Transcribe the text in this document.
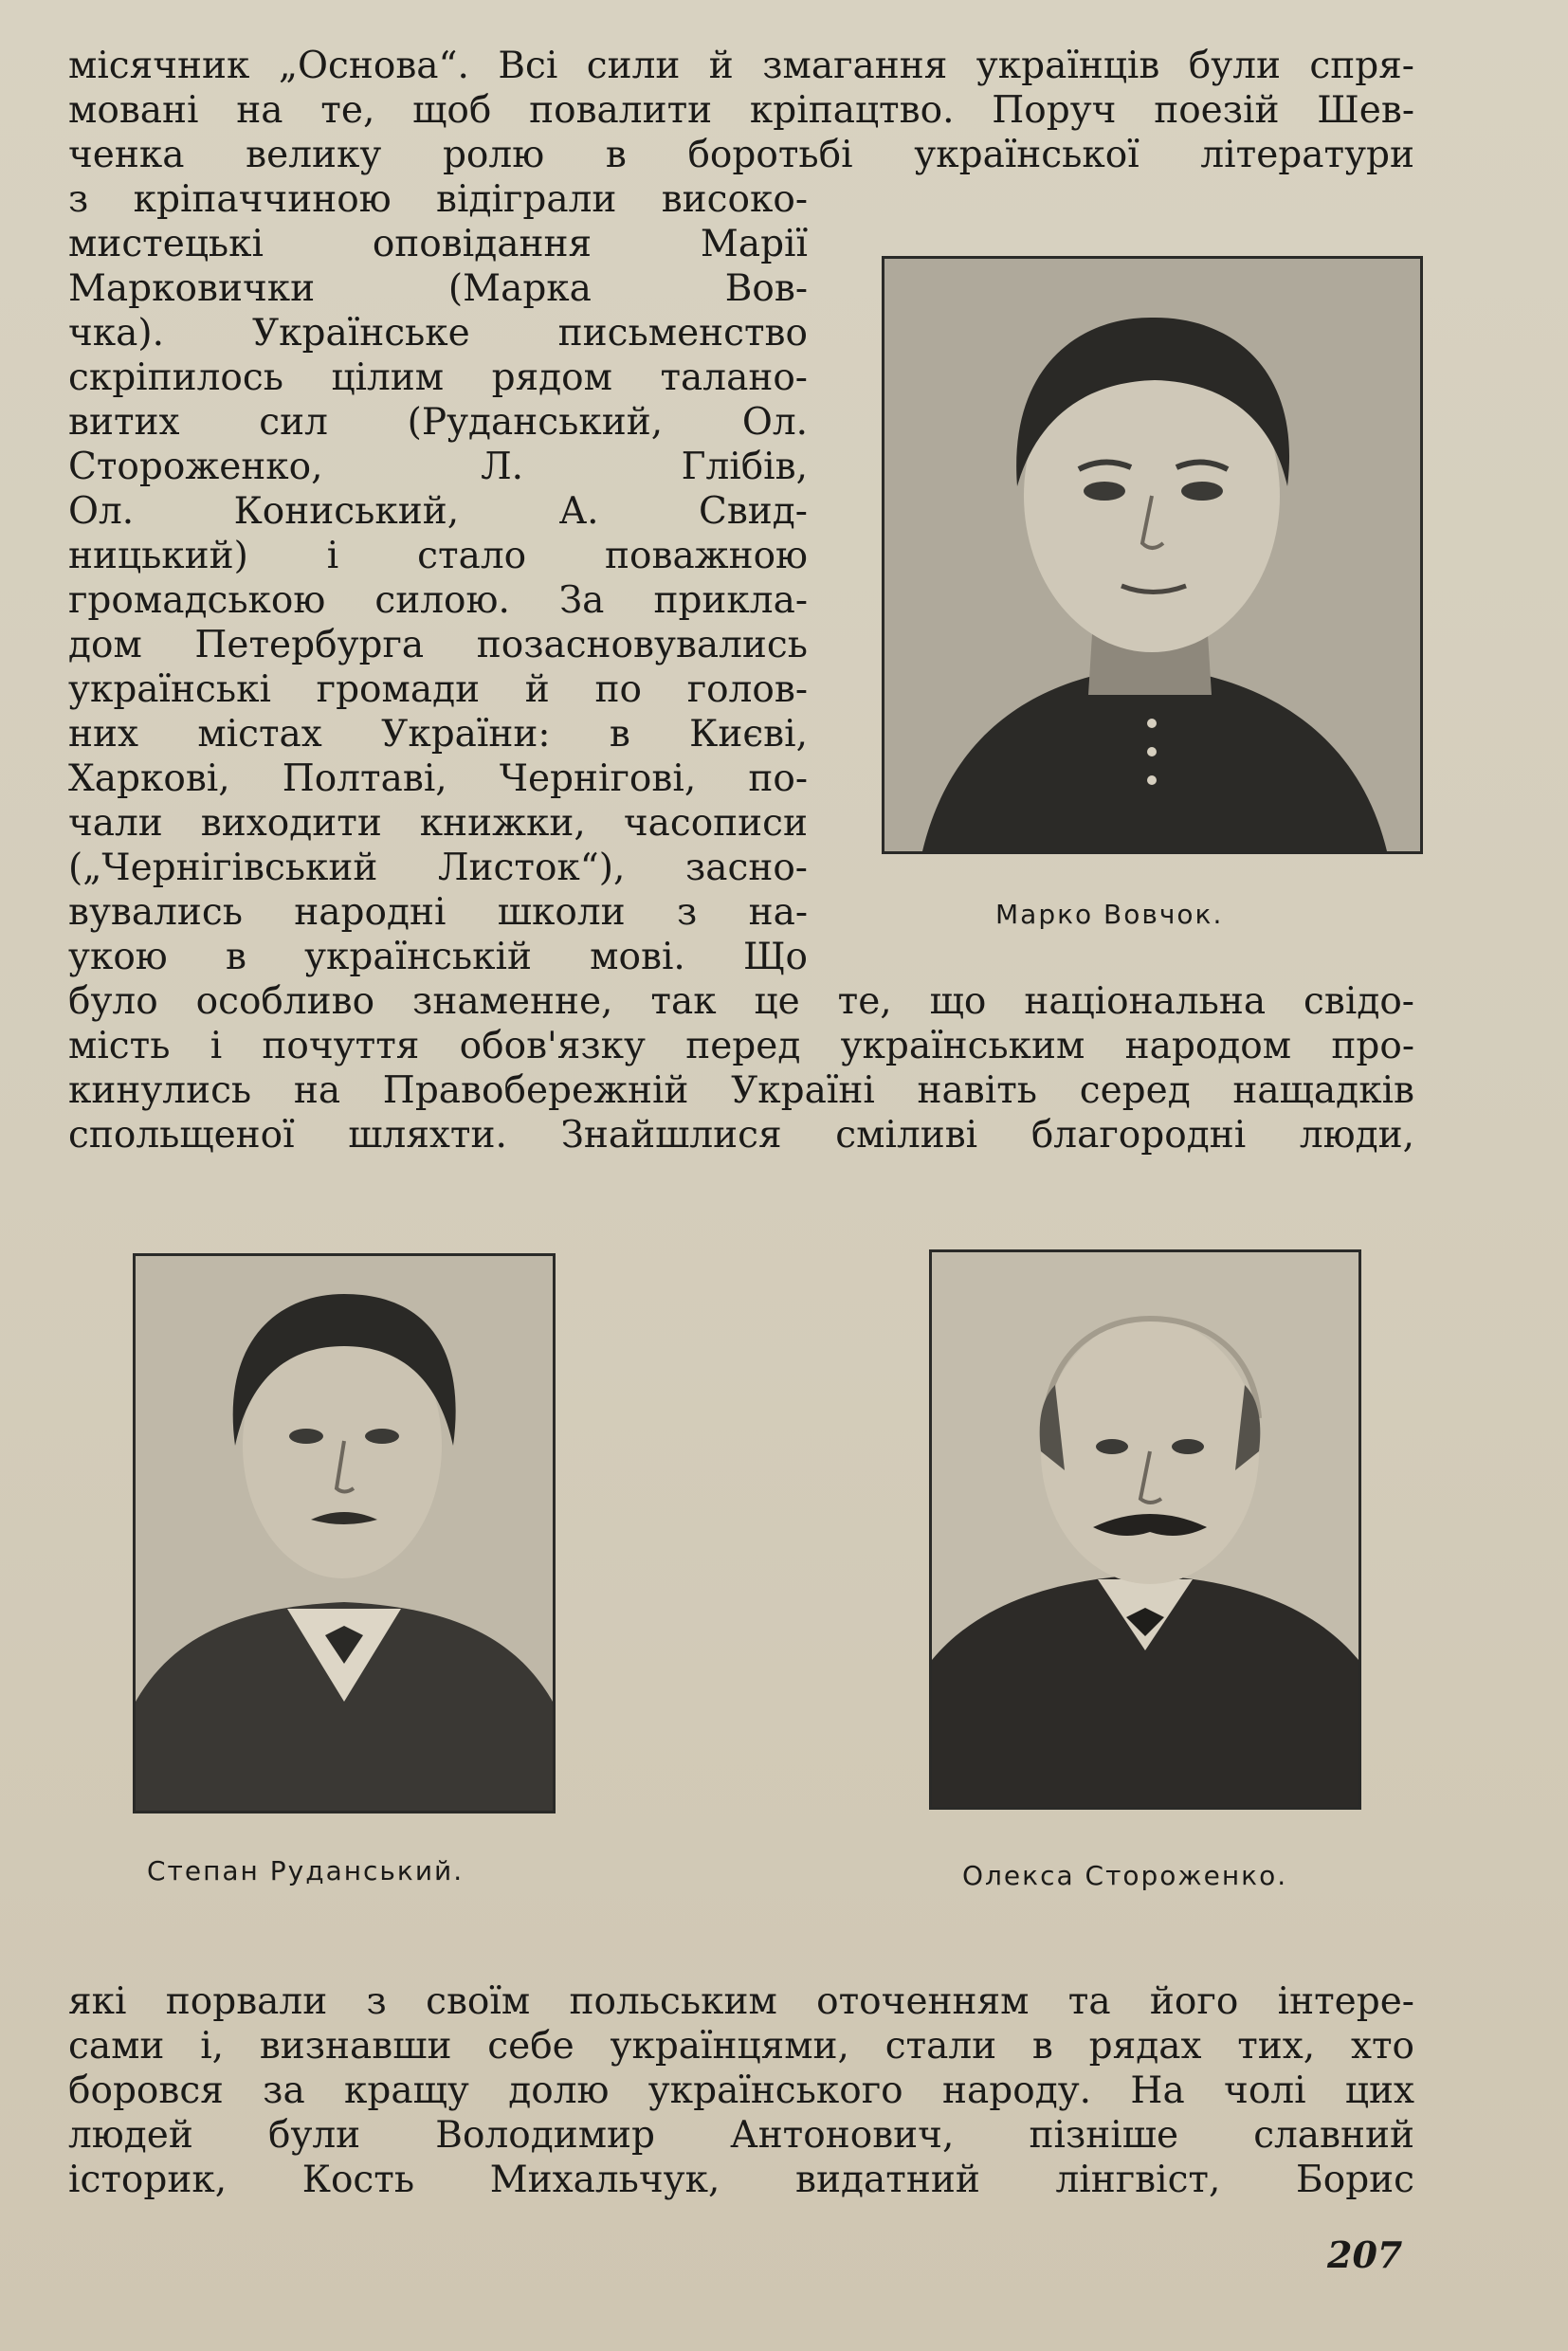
місячник „Основа“. Всі сили й змагання українців були спря-
мовані на те, щоб повалити кріпацтво. Поруч поезій Шев-
ченка велику ролю в боротьбі української літератури
з кріпаччиною відіграли високо-
мистецькі оповідання Марії
Марковички (Марка Вов-
чка). Українське письменство
скріпилось цілим рядом талано-
витих сил (Руданський, Ол.
Стороженко, Л. Глібів,
Ол. Кониський, А. Свид-
ницький) і стало поважною
громадською силою. За прикла-
дом Петербурга позасновувались
українські громади й по голов-
них містах України: в Києві,
Харкові, Полтаві, Чернігові, по-
чали виходити книжки, часописи
(„Чернігівський Листок“), засно-
вувались народні школи з на-
укою в українській мові. Що
було особливо знаменне, так це те, що національна свідо-
мість і почуття обов'язку перед українським народом про-
кинулись на Правобережній Україні навіть серед нащадків
спольщеної шляхти. Знайшлися сміливі благородні люди,
Марко Вовчок.
Степан Руданський.	Олекса Стороженко.
які порвали з своїм польським оточенням та його інтере-
сами і, визнавши себе українцями, стали в рядах тих, хто
боровся за кращу долю українського народу. На чолі цих
людей були Володимир Антонович, пізніше славний
історик, Кость Михальчук, видатний лінгвіст, Борис
207
